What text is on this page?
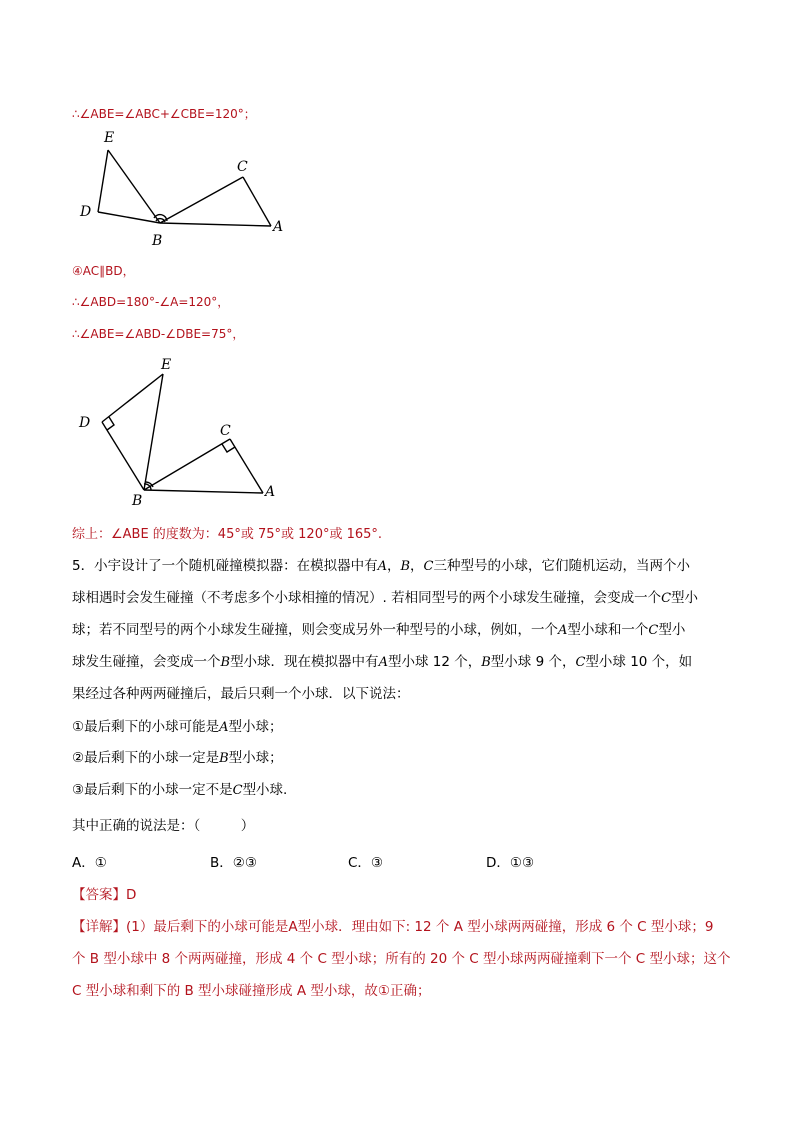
∴∠ABE=∠ABC+∠CBE=120°；
E
C
D
B
A
④AC∥BD，
∴∠ABD=180°-∠A=120°，
∴∠ABE=∠ABD-∠DBE=75°，
E
D	C
B
A
综上：∠ABE 的度数为：45°或 75°或 120°或 165°.
5．小宇设计了一个随机碰撞模拟器：在模拟器中有A，B，C三种型号的小球，它们随机运动，当两个小
球相遇时会发生碰撞（不考虑多个小球相撞的情况）. 若相同型号的两个小球发生碰撞，会变成一个C型小
球；若不同型号的两个小球发生碰撞，则会变成另外一种型号的小球，例如，一个A型小球和一个C型小
球发生碰撞，会变成一个B型小球．现在模拟器中有A型小球 12 个，B型小球 9 个，C型小球 10 个，如
果经过各种两两碰撞后，最后只剩一个小球．以下说法：
①最后剩下的小球可能是A型小球；
②最后剩下的小球一定是B型小球；
③最后剩下的小球一定不是C型小球.
其中正确的说法是：（　　　）
A．①	B．②③	C．③	D．①③
【答案】D
【详解】(1）最后剩下的小球可能是A型小球．理由如下: 12 个 A 型小球两两碰撞，形成 6 个 C 型小球；9
个 B 型小球中 8 个两两碰撞，形成 4 个 C 型小球；所有的 20 个 C 型小球两两碰撞剩下一个 C 型小球；这个
C 型小球和剩下的 B 型小球碰撞形成 A 型小球，故①正确；
